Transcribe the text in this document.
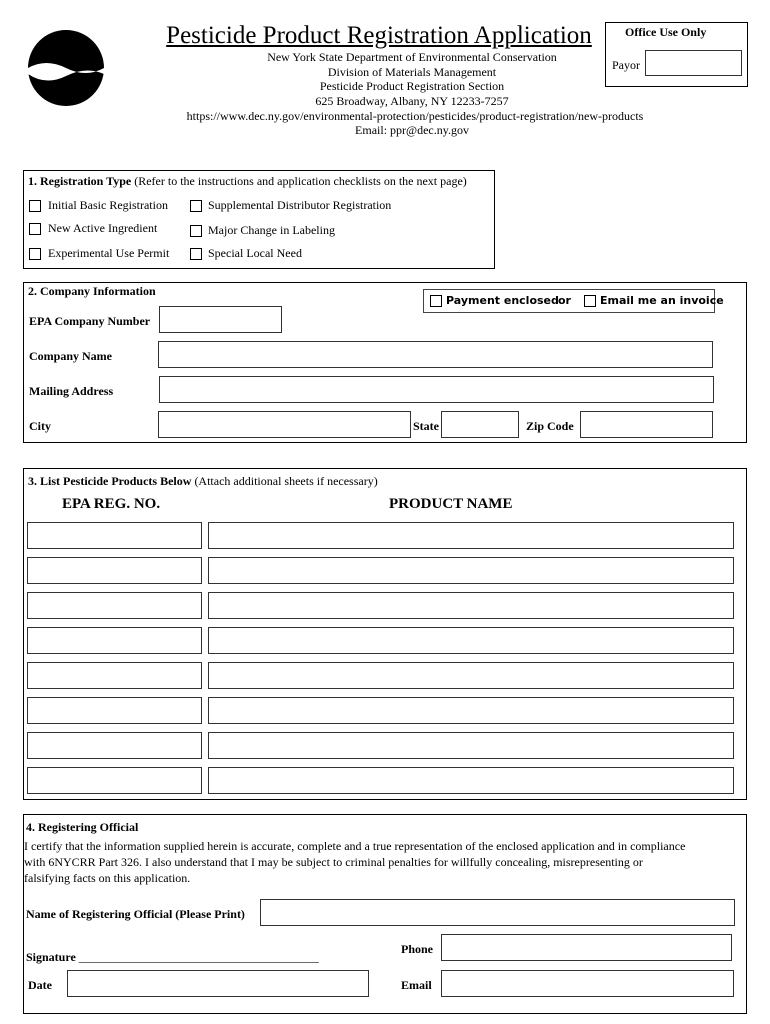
Pesticide Product Registration Application
New York State Department of Environmental Conservation
Division of Materials Management
Pesticide Product Registration Section
625 Broadway, Albany, NY 12233-7257
https://www.dec.ny.gov/environmental-protection/pesticides/product-registration/new-products
Email: ppr@dec.ny.gov
Office Use Only
Payor
1. Registration Type (Refer to the instructions and application checklists on the next page)
Initial Basic Registration	Supplemental Distributor Registration
New Active Ingredient	Major Change in Labeling
Experimental Use Permit	Special Local Need
2. Company Information
Payment enclosed or	Email me an invoice
EPA Company Number
Company Name
Mailing Address
City	State	Zip Code
3. List Pesticide Products Below (Attach additional sheets if necessary)
EPA REG. NO.	PRODUCT NAME
4. Registering Official
I certify that the information supplied herein is accurate, complete and a true representation of the enclosed application and in compliance
with 6NYCRR Part 326. I also understand that I may be subject to criminal penalties for willfully concealing, misrepresenting or
falsifying facts on this application.
Name of Registering Official (Please Print)
Signature ________________________________________
Phone
Date	Email
